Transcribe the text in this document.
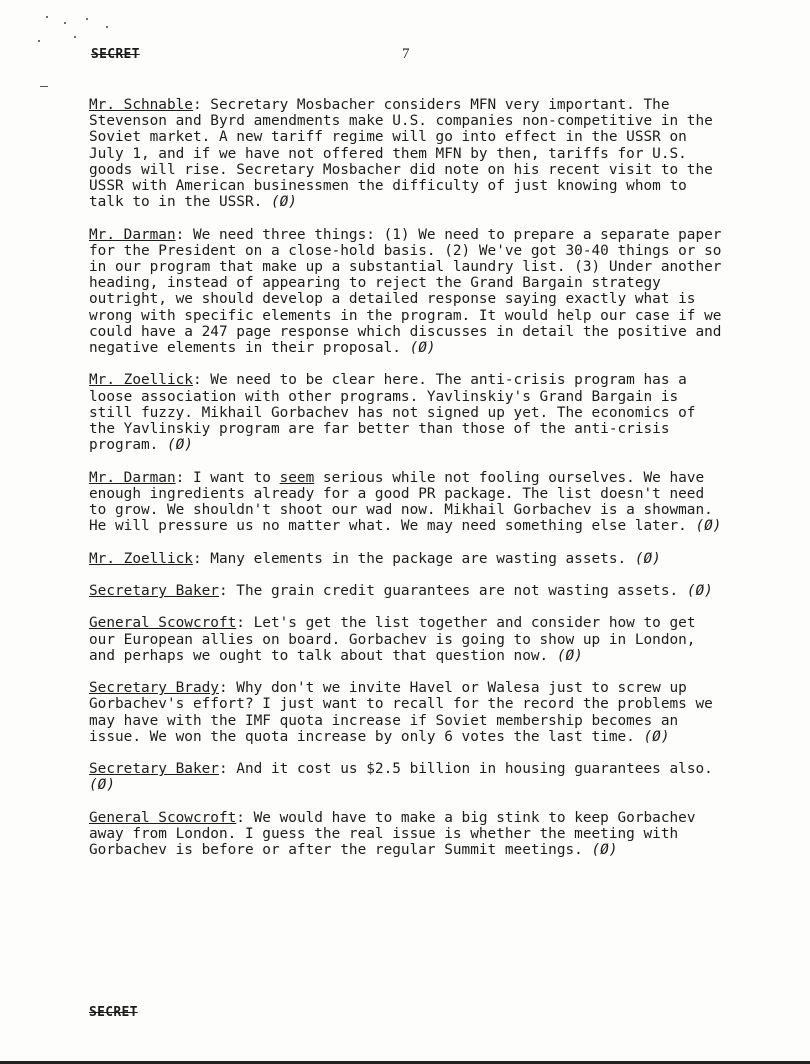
SECRET	7

Mr. Schnable: Secretary Mosbacher considers MFN very important. The Stevenson and Byrd amendments make U.S. companies non-competitive in the Soviet market. A new tariff regime will go into effect in the USSR on July 1, and if we have not offered them MFN by then, tariffs for U.S. goods will rise. Secretary Mosbacher did note on his recent visit to the USSR with American businessmen the difficulty of just knowing whom to talk to in the USSR. (Ø)

Mr. Darman: We need three things: (1) We need to prepare a separate paper for the President on a close-hold basis. (2) We've got 30-40 things or so in our program that make up a substantial laundry list. (3) Under another heading, instead of appearing to reject the Grand Bargain strategy outright, we should develop a detailed response saying exactly what is wrong with specific elements in the program. It would help our case if we could have a 247 page response which discusses in detail the positive and negative elements in their proposal. (Ø)

Mr. Zoellick: We need to be clear here. The anti-crisis program has a loose association with other programs. Yavlinskiy's Grand Bargain is still fuzzy. Mikhail Gorbachev has not signed up yet. The economics of the Yavlinskiy program are far better than those of the anti-crisis program. (Ø)

Mr. Darman: I want to seem serious while not fooling ourselves. We have enough ingredients already for a good PR package. The list doesn't need to grow. We shouldn't shoot our wad now. Mikhail Gorbachev is a showman. He will pressure us no matter what. We may need something else later. (Ø)

Mr. Zoellick: Many elements in the package are wasting assets. (Ø)

Secretary Baker: The grain credit guarantees are not wasting assets. (Ø)

General Scowcroft: Let's get the list together and consider how to get our European allies on board. Gorbachev is going to show up in London, and perhaps we ought to talk about that question now. (Ø)

Secretary Brady: Why don't we invite Havel or Walesa just to screw up Gorbachev's effort? I just want to recall for the record the problems we may have with the IMF quota increase if Soviet membership becomes an issue. We won the quota increase by only 6 votes the last time. (Ø)

Secretary Baker: And it cost us $2.5 billion in housing guarantees also. (Ø)

General Scowcroft: We would have to make a big stink to keep Gorbachev away from London. I guess the real issue is whether the meeting with Gorbachev is before or after the regular Summit meetings. (Ø)

SECRET
